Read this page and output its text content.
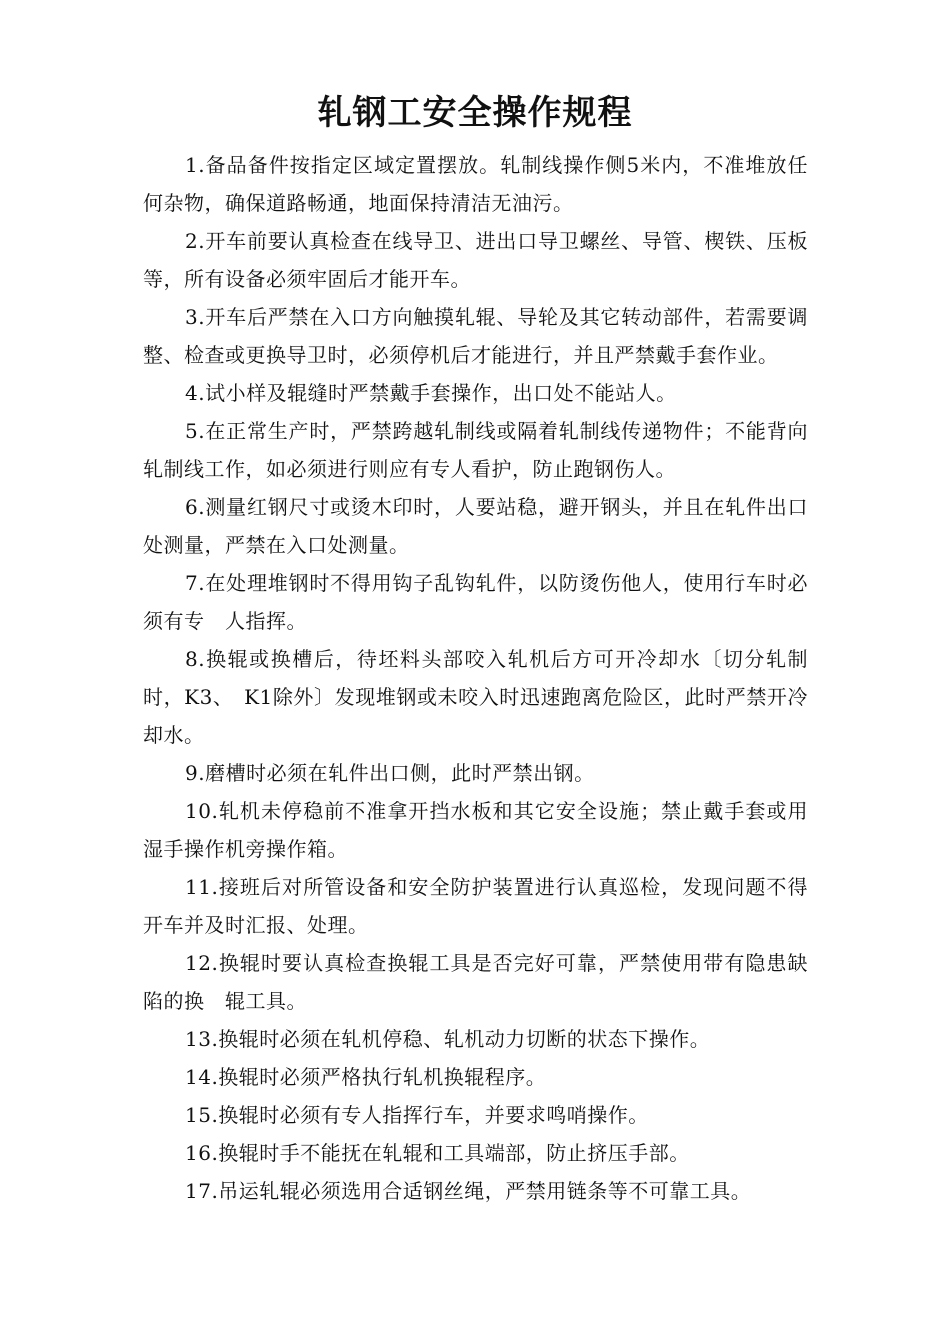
轧钢工安全操作规程
1.备品备件按指定区域定置摆放。轧制线操作侧5米内，不准堆放任何杂物，确保道路畅通，地面保持清洁无油污。
2.开车前要认真检查在线导卫、进出口导卫螺丝、导管、楔铁、压板等，所有设备必须牢固后才能开车。
3.开车后严禁在入口方向触摸轧辊、导轮及其它转动部件，若需要调整、检查或更换导卫时，必须停机后才能进行，并且严禁戴手套作业。
4.试小样及辊缝时严禁戴手套操作，出口处不能站人。
5.在正常生产时，严禁跨越轧制线或隔着轧制线传递物件；不能背向轧制线工作，如必须进行则应有专人看护，防止跑钢伤人。
6.测量红钢尺寸或烫木印时，人要站稳，避开钢头，并且在轧件出口处测量，严禁在入口处测量。
7.在处理堆钢时不得用钩子乱钩轧件，以防烫伤他人，使用行车时必须有专　人指挥。
8.换辊或换槽后，待坯料头部咬入轧机后方可开冷却水〔切分轧制时，K3、　K1除外〕发现堆钢或未咬入时迅速跑离危险区，此时严禁开冷却水。
9.磨槽时必须在轧件出口侧，此时严禁出钢。
10.轧机未停稳前不准拿开挡水板和其它安全设施；禁止戴手套或用湿手操作机旁操作箱。
11.接班后对所管设备和安全防护装置进行认真巡检，发现问题不得开车并及时汇报、处理。
12.换辊时要认真检查换辊工具是否完好可靠，严禁使用带有隐患缺陷的换　辊工具。
13.换辊时必须在轧机停稳、轧机动力切断的状态下操作。
14.换辊时必须严格执行轧机换辊程序。
15.换辊时必须有专人指挥行车，并要求鸣哨操作。
16.换辊时手不能抚在轧辊和工具端部，防止挤压手部。
17.吊运轧辊必须选用合适钢丝绳，严禁用链条等不可靠工具。
